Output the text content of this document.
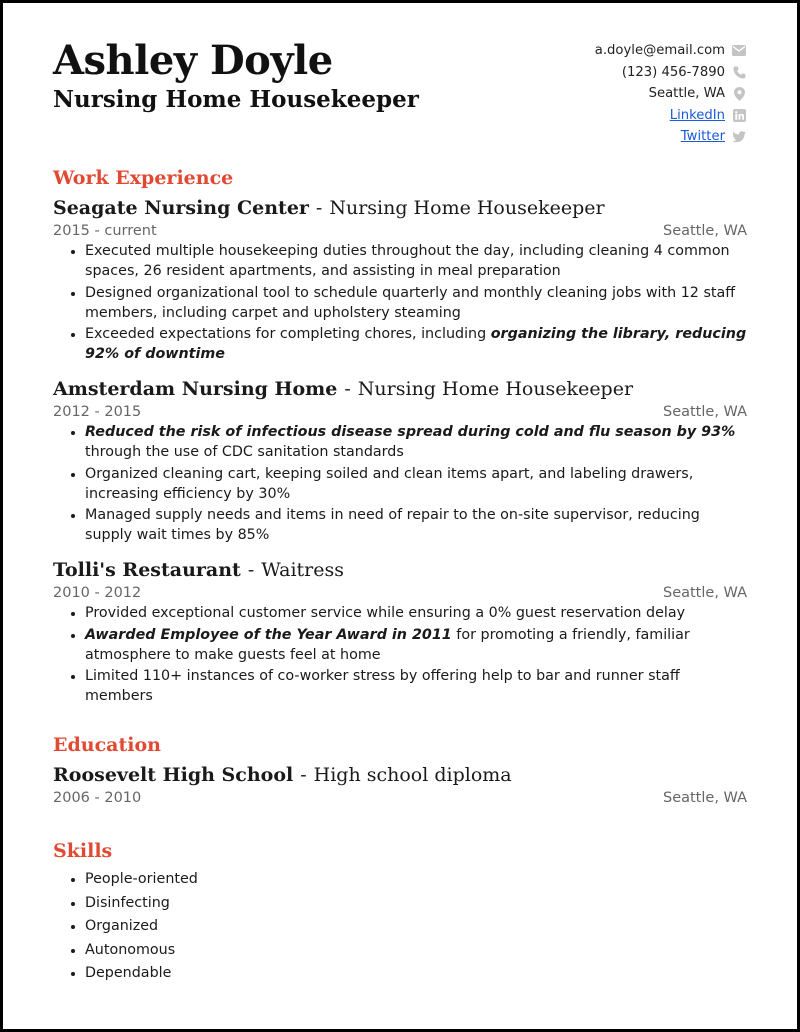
Ashley Doyle
Nursing Home Housekeeper
a.doyle@email.com
(123) 456-7890
Seattle, WA
LinkedIn
Twitter
Work Experience
Seagate Nursing Center - Nursing Home Housekeeper
2015 - current	Seattle, WA
• Executed multiple housekeeping duties throughout the day, including cleaning 4 common spaces, 26 resident apartments, and assisting in meal preparation
• Designed organizational tool to schedule quarterly and monthly cleaning jobs with 12 staff members, including carpet and upholstery steaming
• Exceeded expectations for completing chores, including organizing the library, reducing 92% of downtime
Amsterdam Nursing Home - Nursing Home Housekeeper
2012 - 2015	Seattle, WA
• Reduced the risk of infectious disease spread during cold and flu season by 93% through the use of CDC sanitation standards
• Organized cleaning cart, keeping soiled and clean items apart, and labeling drawers, increasing efficiency by 30%
• Managed supply needs and items in need of repair to the on-site supervisor, reducing supply wait times by 85%
Tolli's Restaurant - Waitress
2010 - 2012	Seattle, WA
• Provided exceptional customer service while ensuring a 0% guest reservation delay
• Awarded Employee of the Year Award in 2011 for promoting a friendly, familiar atmosphere to make guests feel at home
• Limited 110+ instances of co-worker stress by offering help to bar and runner staff members
Education
Roosevelt High School - High school diploma
2006 - 2010	Seattle, WA
Skills
• People-oriented
• Disinfecting
• Organized
• Autonomous
• Dependable
